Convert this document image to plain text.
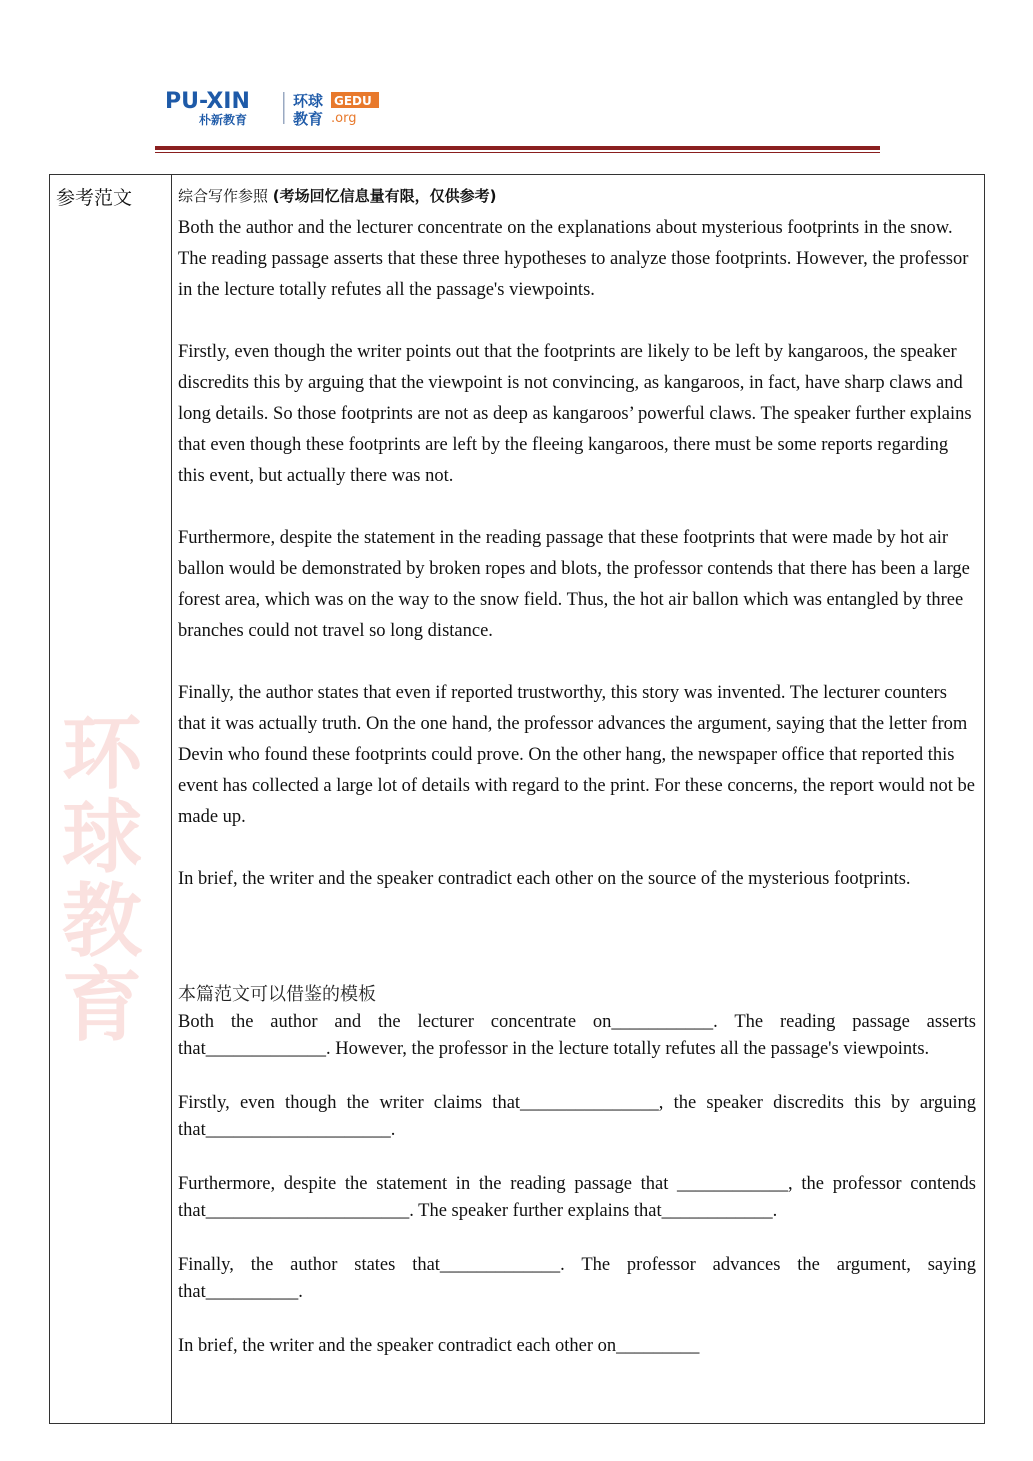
PU-XIN
朴新教育
环球
教育
GEDU
.org
环球教育
参考范文	综合写作参照 (考场回忆信息量有限，仅供参考)

Both the author and the lecturer concentrate on the explanations about mysterious footprints in the snow. The reading passage asserts that these three hypotheses to analyze those footprints. However, the professor in the lecture totally refutes all the passage's viewpoints.

Firstly, even though the writer points out that the footprints are likely to be left by kangaroos, the speaker discredits this by arguing that the viewpoint is not convincing, as kangaroos, in fact, have sharp claws and long details. So those footprints are not as deep as kangaroos’ powerful claws. The speaker further explains that even though these footprints are left by the fleeing kangaroos, there must be some reports regarding this event, but actually there was not.

Furthermore, despite the statement in the reading passage that these footprints that were made by hot air ballon would be demonstrated by broken ropes and blots, the professor contends that there has been a large forest area, which was on the way to the snow field. Thus, the hot air ballon which was entangled by three branches could not travel so long distance.

Finally, the author states that even if reported trustworthy, this story was invented. The lecturer counters that it was actually truth. On the one hand, the professor advances the argument, saying that the letter from Devin who found these footprints could prove. On the other hang, the newspaper office that reported this event has collected a large lot of details with regard to the print. For these concerns, the report would not be made up.

In brief, the writer and the speaker contradict each other on the source of the mysterious footprints.

本篇范文可以借鉴的模板

Both the author and the lecturer concentrate on___________. The reading passage asserts that_____________. However, the professor in the lecture totally refutes all the passage's viewpoints.

Firstly, even though the writer claims that_______________, the speaker discredits this by arguing that____________________.

Furthermore, despite the statement in the reading passage that ____________, the professor contends that______________________. The speaker further explains that____________.

Finally, the author states that_____________. The professor advances the argument, saying that__________.

In brief, the writer and the speaker contradict each other on_________
